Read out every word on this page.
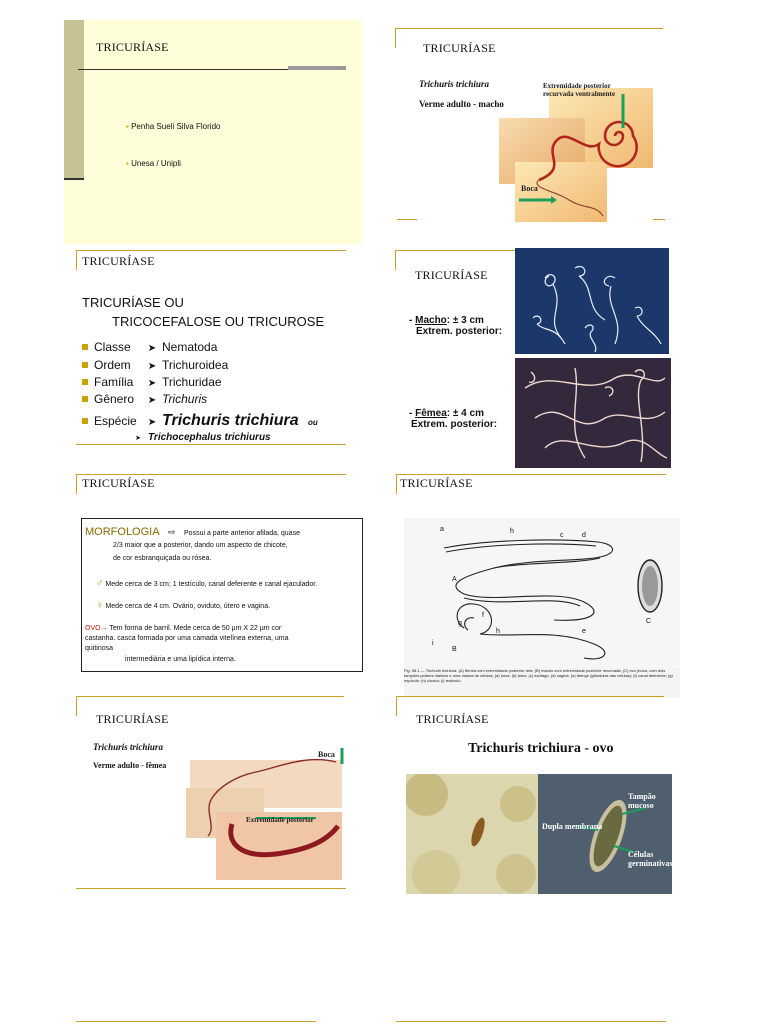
TRICURÍASE
▪ Penha Sueli Silva Florido
▪ Unesa / Unipli
TRICURÍASE
Trichuris trichiura
Verme adulto - macho
Extremidade posterior recurvada ventralmente
Boca
TRICURÍASE
TRICURÍASE OU
TRICOCEFALOSE OU TRICUROSE
Classe ➤ Nematoda
Ordem ➤ Trichuroidea
Família ➤ Trichuridae
Gênero ➤ Trichuris
Espécie ➤ Trichuris trichiura ou
➤ Trichocephalus trichiurus
TRICURÍASE
- Macho: ± 3 cm
Extrem. posterior:
- Fêmea: ± 4 cm
Extrem. posterior:
TRICURÍASE
MORFOLOGIA ⇨ Possui a parte anterior afilada, quase
2/3 maior que a posterior, dando um aspecto de chicote,
de cor esbranquiçada ou rósea.
♂ Mede cerca de 3 cm; 1 testículo, canal deferente e canal ejaculador.
♀ Mede cerca de 4 cm. Ovário, oviduto, útero e vagina.
OVO→ Tem forma de barril. Mede cerca de 50 µm X 22 µm cor
castanha. casca formada por uma camada vitelínea externa, uma
quitinosa
intermediária e uma lipídica interna.
TRICURÍASE
Fig. 38.1 — Trichuris trichiura: (A) fêmea com extremidade posterior reta; (B) macho com extremidade posterior recurvada; (C) ovo (boca, com dois tampões polares hialinos e uma massa de células; (a) boca; (b) ânus; (c) esôfago; (d) vagina; (e) faringe (glândulas das células); (f) canal deferente; (g) espículo; (h) cloaca; (i) testículo.
a	h
c	d
A
f
g
i
h	e
B
C
TRICURÍASE
Trichuris trichiura
Verme adulto - fêmea
Boca
Extremidade posterior
TRICURÍASE
Trichuris trichiura - ovo
Tampão mucoso
Dupla membrana
Células germinativas
